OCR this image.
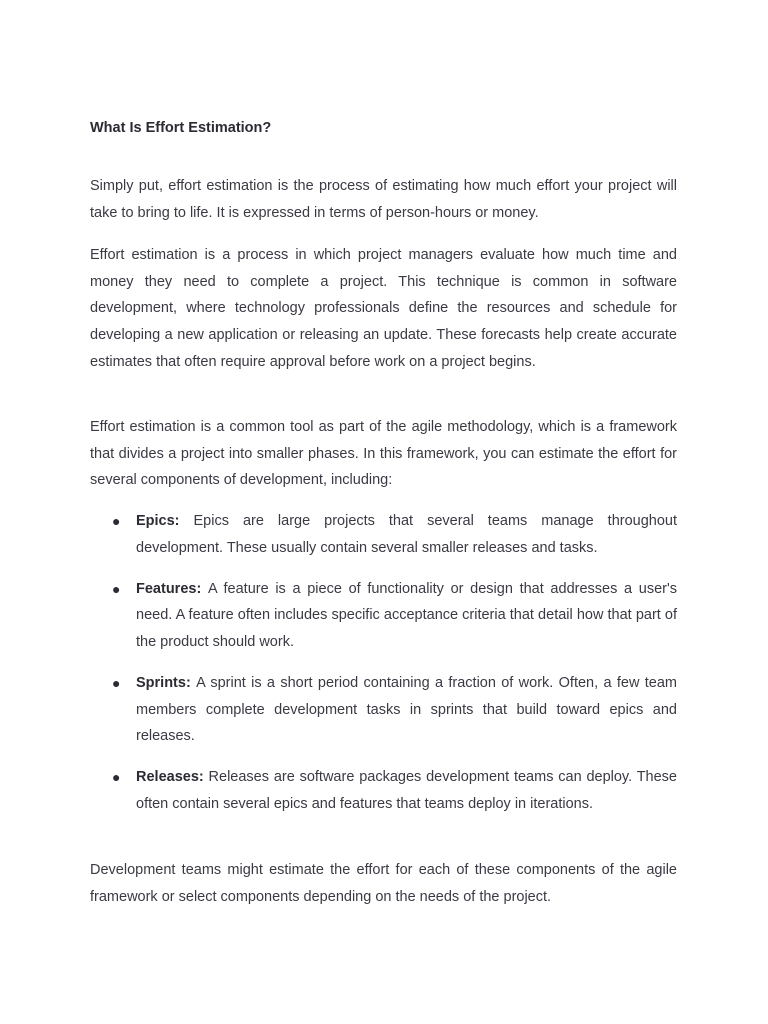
What Is Effort Estimation?

Simply put, effort estimation is the process of estimating how much effort your project will take to bring to life. It is expressed in terms of person-hours or money.

Effort estimation is a process in which project managers evaluate how much time and money they need to complete a project. This technique is common in software development, where technology professionals define the resources and schedule for developing a new application or releasing an update. These forecasts help create accurate estimates that often require approval before work on a project begins.

Effort estimation is a common tool as part of the agile methodology, which is a framework that divides a project into smaller phases. In this framework, you can estimate the effort for several components of development, including:

● Epics: Epics are large projects that several teams manage throughout development. These usually contain several smaller releases and tasks.
● Features: A feature is a piece of functionality or design that addresses a user's need. A feature often includes specific acceptance criteria that detail how that part of the product should work.
● Sprints: A sprint is a short period containing a fraction of work. Often, a few team members complete development tasks in sprints that build toward epics and releases.
● Releases: Releases are software packages development teams can deploy. These often contain several epics and features that teams deploy in iterations.

Development teams might estimate the effort for each of these components of the agile framework or select components depending on the needs of the project.
